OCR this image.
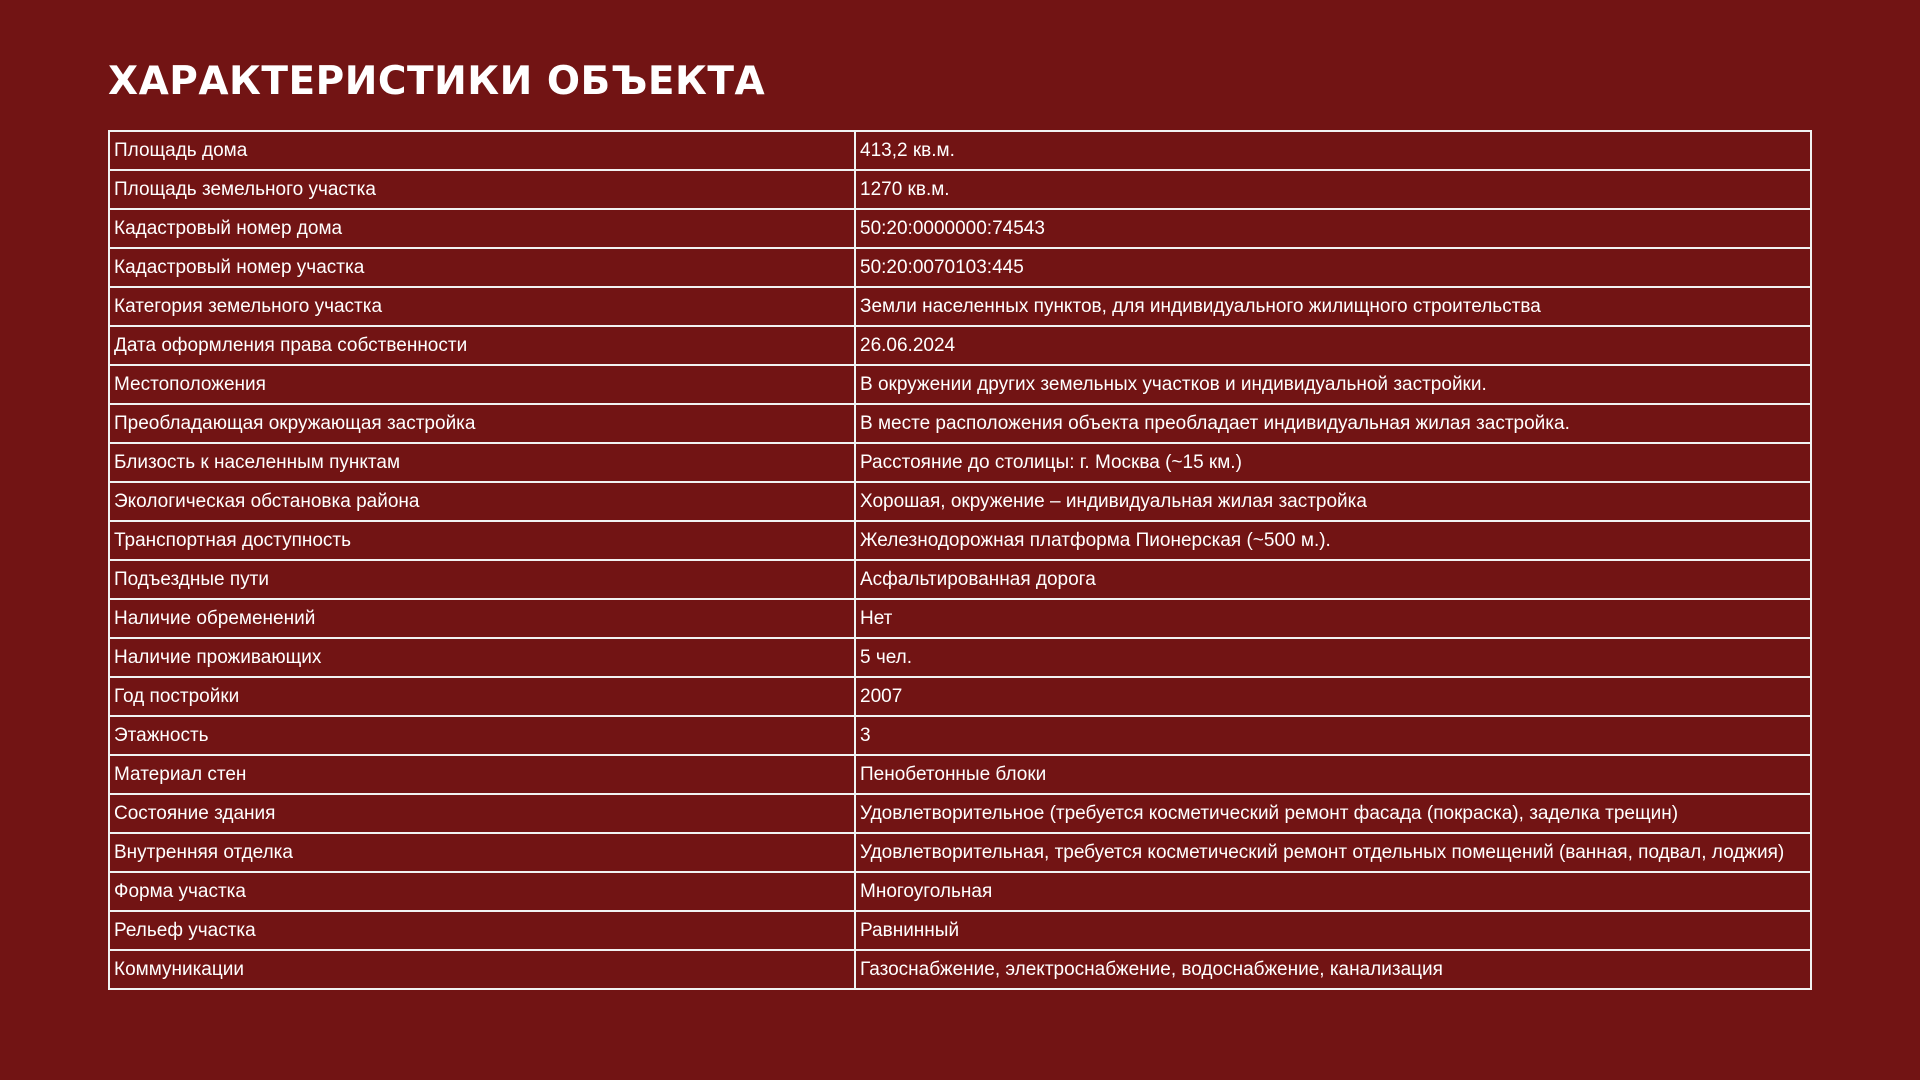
ХАРАКТЕРИСТИКИ ОБЪЕКТА
Площадь дома	413,2 кв.м.
Площадь земельного участка	1270 кв.м.
Кадастровый номер дома	50:20:0000000:74543
Кадастровый номер участка	50:20:0070103:445
Категория земельного участка	Земли населенных пунктов, для индивидуального жилищного строительства
Дата оформления права собственности	26.06.2024
Местоположения	В окружении других земельных участков и индивидуальной застройки.
Преобладающая окружающая застройка	В месте расположения объекта преобладает индивидуальная жилая застройка.
Близость к населенным пунктам	Расстояние до столицы: г. Москва (~15 км.)
Экологическая обстановка района	Хорошая, окружение – индивидуальная жилая застройка
Транспортная доступность	Железнодорожная платформа Пионерская (~500 м.).
Подъездные пути	Асфальтированная дорога
Наличие обременений	Нет
Наличие проживающих	5 чел.
Год постройки	2007
Этажность	3
Материал стен	Пенобетонные блоки
Состояние здания	Удовлетворительное (требуется косметический ремонт фасада (покраска), заделка трещин)
Внутренняя отделка	Удовлетворительная, требуется косметический ремонт отдельных помещений (ванная, подвал, лоджия)
Форма участка	Многоугольная
Рельеф участка	Равнинный
Коммуникации	Газоснабжение, электроснабжение, водоснабжение, канализация
